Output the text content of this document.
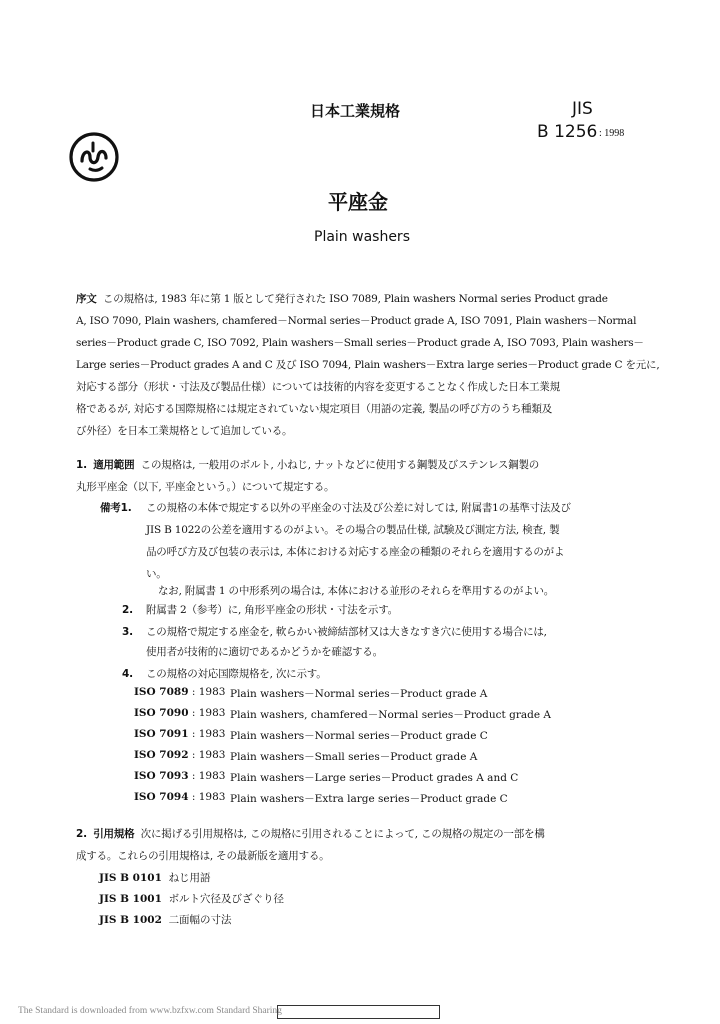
日本工業規格	JIS
B 1256 : 1998
平座金
Plain washers
序文 この規格は, 1983 年に第 1 版として発行された ISO 7089, Plain washers Normal series Product grade
A, ISO 7090, Plain washers, chamfered－Normal series－Product grade A, ISO 7091, Plain washers－Normal
series－Product grade C, ISO 7092, Plain washers－Small series－Product grade A, ISO 7093, Plain washers－
Large series－Product grades A and C 及び ISO 7094, Plain washers－Extra large series－Product grade C を元に,
対応する部分（形状・寸法及び製品仕様）については技術的内容を変更することなく作成した日本工業規
格であるが, 対応する国際規格には規定されていない規定項目（用語の定義, 製品の呼び方のうち種類及
び外径）を日本工業規格として追加している。
1. 適用範囲 この規格は, 一般用のボルト, 小ねじ, ナットなどに使用する鋼製及びステンレス鋼製の
丸形平座金（以下, 平座金という。）について規定する。
備考1. この規格の本体で規定する以外の平座金の寸法及び公差に対しては, 附属書1の基準寸法及び
JIS B 1022の公差を適用するのがよい。その場合の製品仕様, 試験及び測定方法, 検査, 製
品の呼び方及び包装の表示は, 本体における対応する座金の種類のそれらを適用するのがよ
い。
なお, 附属書 1 の中形系列の場合は, 本体における並形のそれらを準用するのがよい。
2. 附属書 2（参考）に, 角形平座金の形状・寸法を示す。
3. この規格で規定する座金を, 軟らかい被締結部材又は大きなすき穴に使用する場合には,
使用者が技術的に適切であるかどうかを確認する。
4. この規格の対応国際規格を, 次に示す。
ISO 7089 : 1983 Plain washers－Normal series－Product grade A
ISO 7090 : 1983 Plain washers, chamfered－Normal series－Product grade A
ISO 7091 : 1983 Plain washers－Normal series－Product grade C
ISO 7092 : 1983 Plain washers－Small series－Product grade A
ISO 7093 : 1983 Plain washers－Large series－Product grades A and C
ISO 7094 : 1983 Plain washers－Extra large series－Product grade C
2. 引用規格 次に掲げる引用規格は, この規格に引用されることによって, この規格の規定の一部を構
成する。これらの引用規格は, その最新版を適用する。
JIS B 0101 ねじ用語
JIS B 1001 ボルト穴径及びざぐり径
JIS B 1002 二面幅の寸法
The Standard is downloaded from www.bzfxw.com Standard Sharing
